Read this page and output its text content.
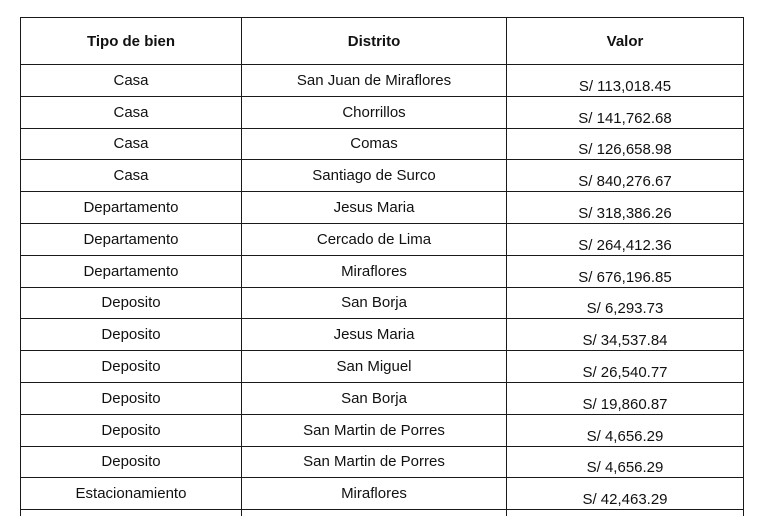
Tipo de bien	Distrito	Valor
Casa	San Juan de Miraflores	S/ 113,018.45
Casa	Chorrillos	S/ 141,762.68
Casa	Comas	S/ 126,658.98
Casa	Santiago de Surco	S/ 840,276.67
Departamento	Jesus Maria	S/ 318,386.26
Departamento	Cercado de Lima	S/ 264,412.36
Departamento	Miraflores	S/ 676,196.85
Deposito	San Borja	S/ 6,293.73
Deposito	Jesus Maria	S/ 34,537.84
Deposito	San Miguel	S/ 26,540.77
Deposito	San Borja	S/ 19,860.87
Deposito	San Martin de Porres	S/ 4,656.29
Deposito	San Martin de Porres	S/ 4,656.29
Estacionamiento	Miraflores	S/ 42,463.29
